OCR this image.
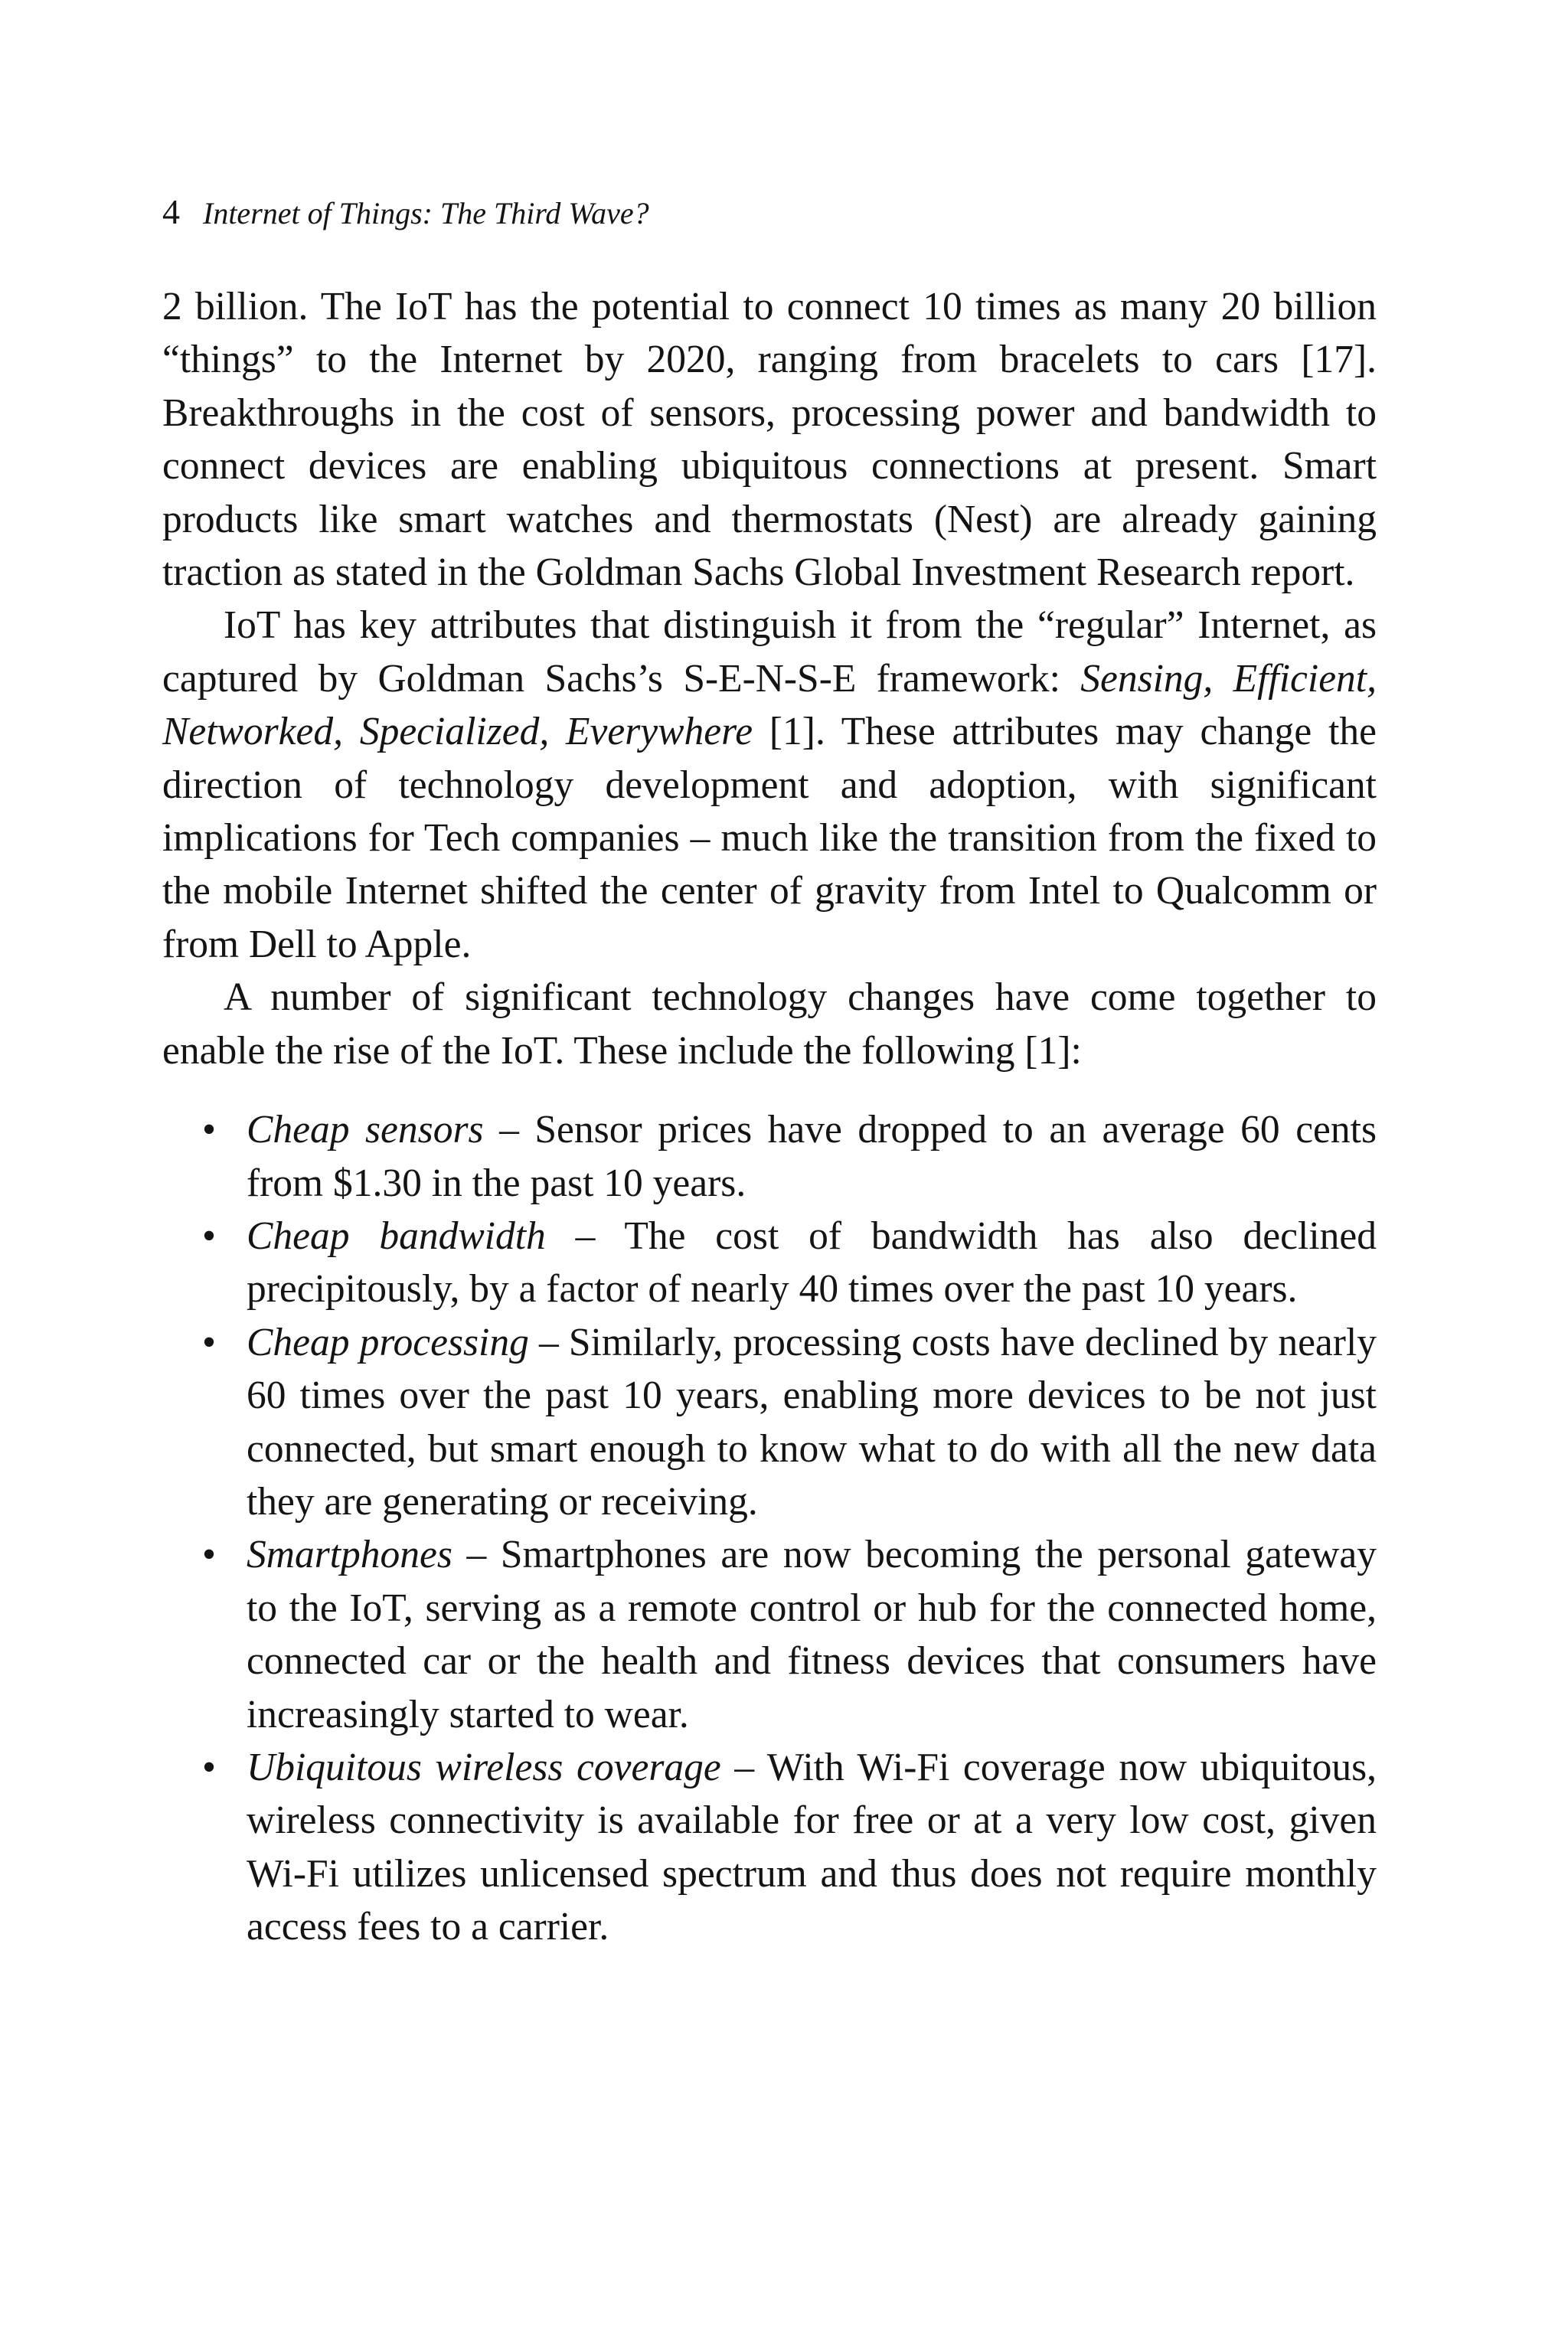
4 Internet of Things: The Third Wave?

2 billion. The IoT has the potential to connect 10 times as many 20 billion “things” to the Internet by 2020, ranging from bracelets to cars [17]. Breakthroughs in the cost of sensors, processing power and bandwidth to connect devices are enabling ubiquitous connections at present. Smart products like smart watches and thermostats (Nest) are already gaining traction as stated in the Goldman Sachs Global Investment Research report.

IoT has key attributes that distinguish it from the “regular” Internet, as captured by Goldman Sachs’s S-E-N-S-E framework: Sensing, Efficient, Networked, Specialized, Everywhere [1]. These attributes may change the direction of technology development and adoption, with significant implications for Tech companies – much like the transition from the fixed to the mobile Internet shifted the center of gravity from Intel to Qualcomm or from Dell to Apple.

A number of significant technology changes have come together to enable the rise of the IoT. These include the following [1]:

• Cheap sensors – Sensor prices have dropped to an average 60 cents from $1.30 in the past 10 years.
• Cheap bandwidth – The cost of bandwidth has also declined precipitously, by a factor of nearly 40 times over the past 10 years.
• Cheap processing – Similarly, processing costs have declined by nearly 60 times over the past 10 years, enabling more devices to be not just connected, but smart enough to know what to do with all the new data they are generating or receiving.
• Smartphones – Smartphones are now becoming the personal gateway to the IoT, serving as a remote control or hub for the connected home, connected car or the health and fitness devices that consumers have increasingly started to wear.
• Ubiquitous wireless coverage – With Wi-Fi coverage now ubiquitous, wireless connectivity is available for free or at a very low cost, given Wi-Fi utilizes unlicensed spectrum and thus does not require monthly access fees to a carrier.
